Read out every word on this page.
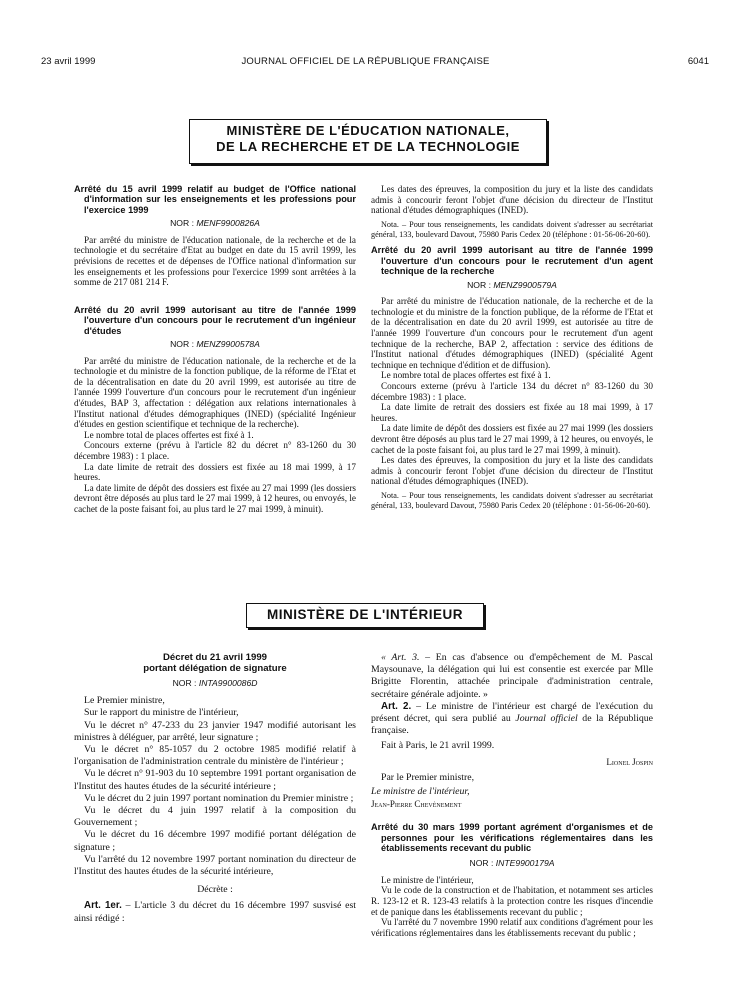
23 avril 1999	JOURNAL OFFICIEL DE LA RÉPUBLIQUE FRANÇAISE	6041
MINISTÈRE DE L'ÉDUCATION NATIONALE,
DE LA RECHERCHE ET DE LA TECHNOLOGIE

Arrêté du 15 avril 1999 relatif au budget de l'Office national d'information sur les enseignements et les professions pour l'exercice 1999

NOR : MENF9900826A

Par arrêté du ministre de l'éducation nationale, de la recherche et de la technologie et du secrétaire d'Etat au budget en date du 15 avril 1999, les prévisions de recettes et de dépenses de l'Office national d'information sur les enseignements et les professions pour l'exercice 1999 sont arrêtées à la somme de 217 081 214 F.

Arrêté du 20 avril 1999 autorisant au titre de l'année 1999 l'ouverture d'un concours pour le recrutement d'un ingénieur d'études

NOR : MENZ9900578A

Par arrêté du ministre de l'éducation nationale, de la recherche et de la technologie et du ministre de la fonction publique, de la réforme de l'Etat et de la décentralisation en date du 20 avril 1999, est autorisée au titre de l'année 1999 l'ouverture d'un concours pour le recrutement d'un ingénieur d'études, BAP 3, affectation : délégation aux relations internationales à l'Institut national d'études démographiques (INED) (spécialité Ingénieur d'études en gestion scientifique et technique de la recherche).

Le nombre total de places offertes est fixé à 1.

Concours externe (prévu à l'article 82 du décret n° 83-1260 du 30 décembre 1983) : 1 place.

La date limite de retrait des dossiers est fixée au 18 mai 1999, à 17 heures.

La date limite de dépôt des dossiers est fixée au 27 mai 1999 (les dossiers devront être déposés au plus tard le 27 mai 1999, à 12 heures, ou envoyés, le cachet de la poste faisant foi, au plus tard le 27 mai 1999, à minuit).

Les dates des épreuves, la composition du jury et la liste des candidats admis à concourir feront l'objet d'une décision du directeur de l'Institut national d'études démographiques (INED).

Nota. – Pour tous renseignements, les candidats doivent s'adresser au secrétariat général, 133, boulevard Davout, 75980 Paris Cedex 20 (téléphone : 01-56-06-20-60).

Arrêté du 20 avril 1999 autorisant au titre de l'année 1999 l'ouverture d'un concours pour le recrutement d'un agent technique de la recherche

NOR : MENZ9900579A

Par arrêté du ministre de l'éducation nationale, de la recherche et de la technologie et du ministre de la fonction publique, de la réforme de l'Etat et de la décentralisation en date du 20 avril 1999, est autorisée au titre de l'année 1999 l'ouverture d'un concours pour le recrutement d'un agent technique de la recherche, BAP 2, affectation : service des éditions de l'Institut national d'études démographiques (INED) (spécialité Agent technique en technique d'édition et de diffusion).

Le nombre total de places offertes est fixé à 1.

Concours externe (prévu à l'article 134 du décret n° 83-1260 du 30 décembre 1983) : 1 place.

La date limite de retrait des dossiers est fixée au 18 mai 1999, à 17 heures.

La date limite de dépôt des dossiers est fixée au 27 mai 1999 (les dossiers devront être déposés au plus tard le 27 mai 1999, à 12 heures, ou envoyés, le cachet de la poste faisant foi, au plus tard le 27 mai 1999, à minuit).

Les dates des épreuves, la composition du jury et la liste des candidats admis à concourir feront l'objet d'une décision du directeur de l'Institut national d'études démographiques (INED).

Nota. – Pour tous renseignements, les candidats doivent s'adresser au secrétariat général, 133, boulevard Davout, 75980 Paris Cedex 20 (téléphone : 01-56-06-20-60).

MINISTÈRE DE L'INTÉRIEUR

Décret du 21 avril 1999

portant délégation de signature

NOR : INTA9900086D

Le Premier ministre,

Sur le rapport du ministre de l'intérieur,

Vu le décret n° 47-233 du 23 janvier 1947 modifié autorisant les ministres à déléguer, par arrêté, leur signature ;

Vu le décret n° 85-1057 du 2 octobre 1985 modifié relatif à l'organisation de l'administration centrale du ministère de l'intérieur ;

Vu le décret n° 91-903 du 10 septembre 1991 portant organisation de l'Institut des hautes études de la sécurité intérieure ;

Vu le décret du 2 juin 1997 portant nomination du Premier ministre ;

Vu le décret du 4 juin 1997 relatif à la composition du Gouvernement ;

Vu le décret du 16 décembre 1997 modifié portant délégation de signature ;

Vu l'arrêté du 12 novembre 1997 portant nomination du directeur de l'Institut des hautes études de la sécurité intérieure,

Décrète :

Art. 1er. – L'article 3 du décret du 16 décembre 1997 susvisé est ainsi rédigé :

« Art. 3. – En cas d'absence ou d'empêchement de M. Pascal Maysounave, la délégation qui lui est consentie est exercée par Mlle Brigitte Florentin, attachée principale d'administration centrale, secrétaire générale adjointe. »

Art. 2. – Le ministre de l'intérieur est chargé de l'exécution du présent décret, qui sera publié au Journal officiel de la République française.

Fait à Paris, le 21 avril 1999.

Lionel Jospin

Par le Premier ministre,

Le ministre de l'intérieur,

Jean-Pierre Chevènement

Arrêté du 30 mars 1999 portant agrément d'organismes et de personnes pour les vérifications réglementaires dans les établissements recevant du public

NOR : INTE9900179A

Le ministre de l'intérieur,

Vu le code de la construction et de l'habitation, et notamment ses articles R. 123-12 et R. 123-43 relatifs à la protection contre les risques d'incendie et de panique dans les établissements recevant du public ;

Vu l'arrêté du 7 novembre 1990 relatif aux conditions d'agrément pour les vérifications réglementaires dans les établissements recevant du public ;
